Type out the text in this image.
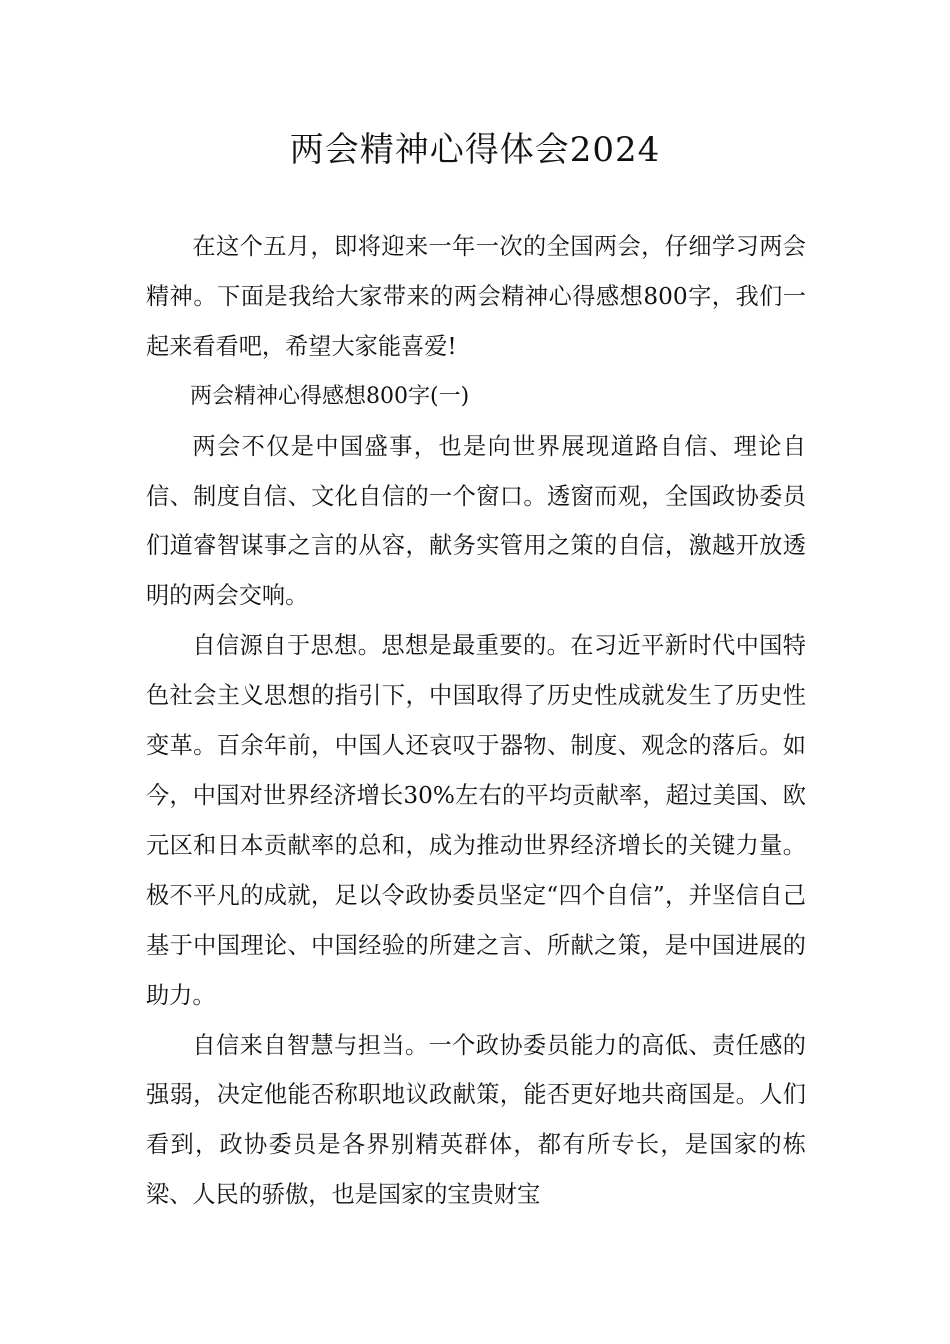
两会精神心得体会2024

在这个五月，即将迎来一年一次的全国两会，仔细学习两会精神。下面是我给大家带来的两会精神心得感想800字，我们一起来看看吧，希望大家能喜爱!

两会精神心得感想800字(一)

两会不仅是中国盛事，也是向世界展现道路自信、理论自信、制度自信、文化自信的一个窗口。透窗而观，全国政协委员们道睿智谋事之言的从容，献务实管用之策的自信，激越开放透明的两会交响。

自信源自于思想。思想是最重要的。在习近平新时代中国特色社会主义思想的指引下，中国取得了历史性成就发生了历史性变革。百余年前，中国人还哀叹于器物、制度、观念的落后。如今，中国对世界经济增长30%左右的平均贡献率，超过美国、欧元区和日本贡献率的总和，成为推动世界经济增长的关键力量。极不平凡的成就，足以令政协委员坚定“四个自信”，并坚信自己基于中国理论、中国经验的所建之言、所献之策，是中国进展的助力。

自信来自智慧与担当。一个政协委员能力的高低、责任感的强弱，决定他能否称职地议政献策，能否更好地共商国是。人们看到，政协委员是各界别精英群体，都有所专长，是国家的栋梁、人民的骄傲，也是国家的宝贵财宝
